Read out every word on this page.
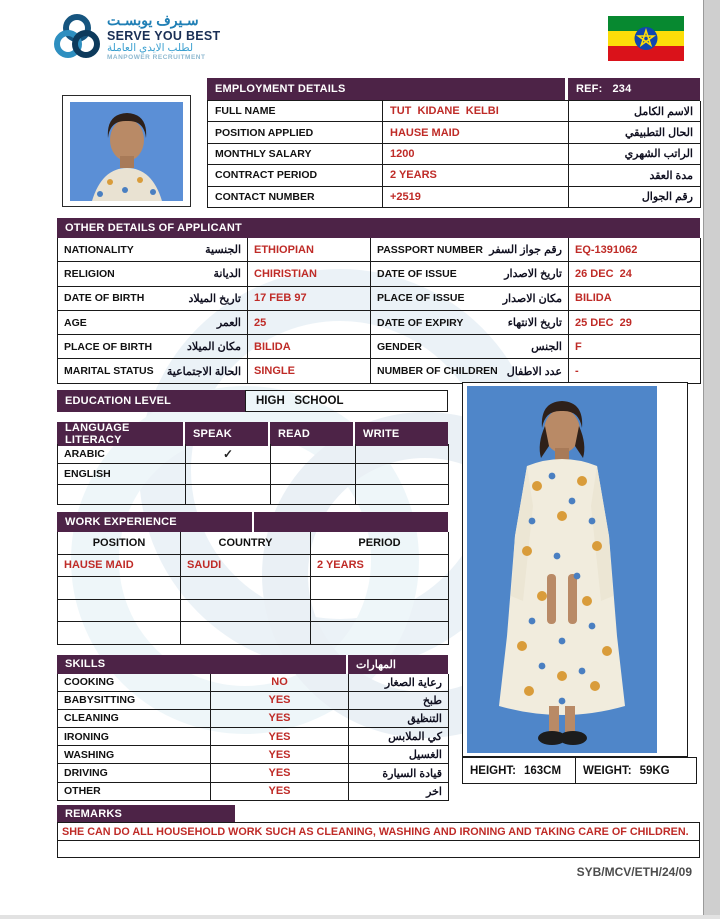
سـيرف يوبسـت
SERVE YOU BEST
لطلب الايدي العاملة
MANPOWER RECRUITMENT
EMPLOYMENT DETAILS	REF: 234
FULL NAME	TUT  KIDANE  KELBI	الاسم الكامل
POSITION APPLIED	HAUSE MAID	الحال التطبيقي
MONTHLY SALARY	1200	الراتب الشهري
CONTRACT PERIOD	2 YEARS	مدة العقد
CONTACT NUMBER	+2519	رقم الجوال
OTHER DETAILS OF APPLICANT
NATIONALITY	الجنسية	ETHIOPIAN	PASSPORT NUMBER رقم جواز السفر	EQ-1391062
RELIGION	الديانة	CHIRISTIAN	DATE OF ISSUE	تاريخ الاصدار	26 DEC  24
DATE OF BIRTH	تاريخ الميلاد	17 FEB 97	PLACE OF ISSUE	مكان الاصدار	BILIDA
AGE	العمر	25	DATE OF EXPIRY	تاريخ الانتهاء	25 DEC  29
PLACE OF BIRTH	مكان الميلاد	BILIDA	GENDER	الجنس	F
MARITAL STATUS الحالة الاجتماعية	SINGLE	NUMBER OF CHILDREN عدد الاطفال	-
EDUCATION LEVEL	HIGH   SCHOOL
LANGUAGE LITERACY	SPEAK	READ	WRITE
ARABIC	✓
ENGLISH
WORK EXPERIENCE
POSITION	COUNTRY	PERIOD
HAUSE MAID	SAUDI	2 YEARS
SKILLS	المهارات
COOKING	NO	رعاية الصغار
BABYSITTING	YES	طبخ
CLEANING	YES	التنظيق
IRONING	YES	كي الملابس
WASHING	YES	الغسيل
DRIVING	YES	قيادة السيارة
OTHER	YES	اخر
HEIGHT: 163CM WEIGHT: 59KG
REMARKS
SHE CAN DO ALL HOUSEHOLD WORK SUCH AS CLEANING, WASHING AND IRONING AND TAKING CARE OF CHILDREN.
SYB/MCV/ETH/24/09
